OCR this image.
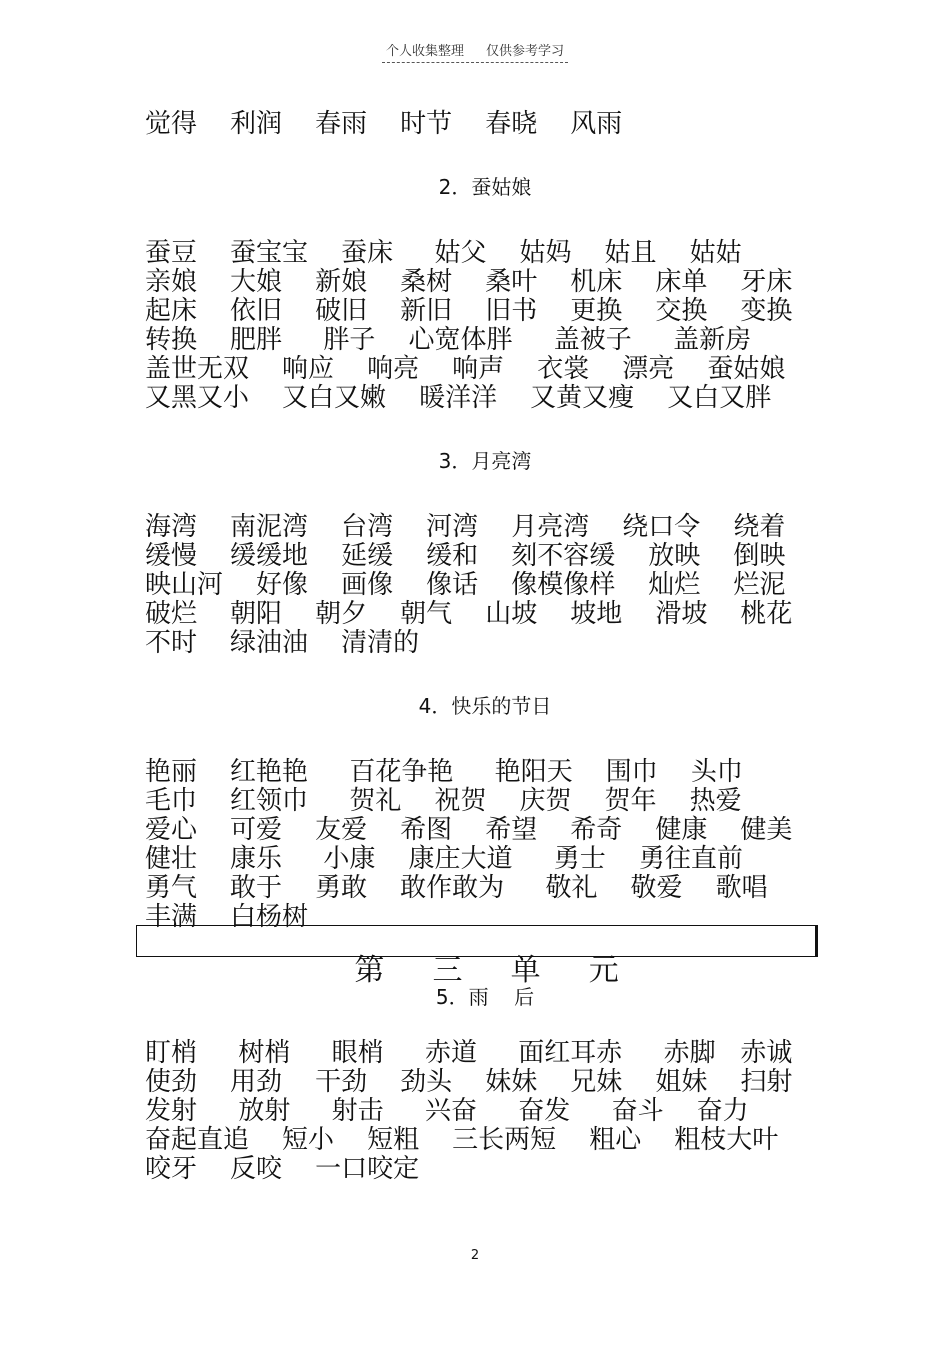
个人收集整理 仅供参考学习
觉得    利润    春雨    时节    春晓    风雨
2．蚕姑娘
蚕豆    蚕宝宝    蚕床     姑父    姑妈    姑且    姑姑
亲娘    大娘    新娘    桑树    桑叶    机床    床单    牙床
起床    依旧    破旧    新旧    旧书    更换    交换    变换
转换    肥胖     胖子    心宽体胖     盖被子     盖新房
盖世无双    响应    响亮    响声    衣裳    漂亮    蚕姑娘
又黑又小    又白又嫩    暖洋洋    又黄又瘦    又白又胖
3．月亮湾
海湾    南泥湾    台湾    河湾    月亮湾    绕口令    绕着
缓慢    缓缓地    延缓    缓和    刻不容缓    放映    倒映
映山河    好像    画像    像话    像模像样    灿烂    烂泥
破烂    朝阳    朝夕    朝气    山坡    坡地    滑坡    桃花
不时    绿油油    清清的
4．快乐的节日
艳丽    红艳艳     百花争艳     艳阳天    围巾    头巾
毛巾    红领巾     贺礼    祝贺    庆贺    贺年    热爱
爱心    可爱    友爱    希图    希望    希奇    健康    健美
健壮    康乐     小康    康庄大道     勇士    勇往直前
勇气    敢于    勇敢    敢作敢为     敬礼    敬爱    歌唱
丰满    白杨树

第    三    单    元

5．雨    后
盯梢     树梢     眼梢     赤道     面红耳赤     赤脚   赤诚
使劲    用劲    干劲    劲头    妹妹    兄妹    姐妹    扫射
发射     放射     射击     兴奋     奋发     奋斗    奋力
奋起直追    短小    短粗    三长两短    粗心    粗枝大叶
咬牙    反咬    一口咬定
2
